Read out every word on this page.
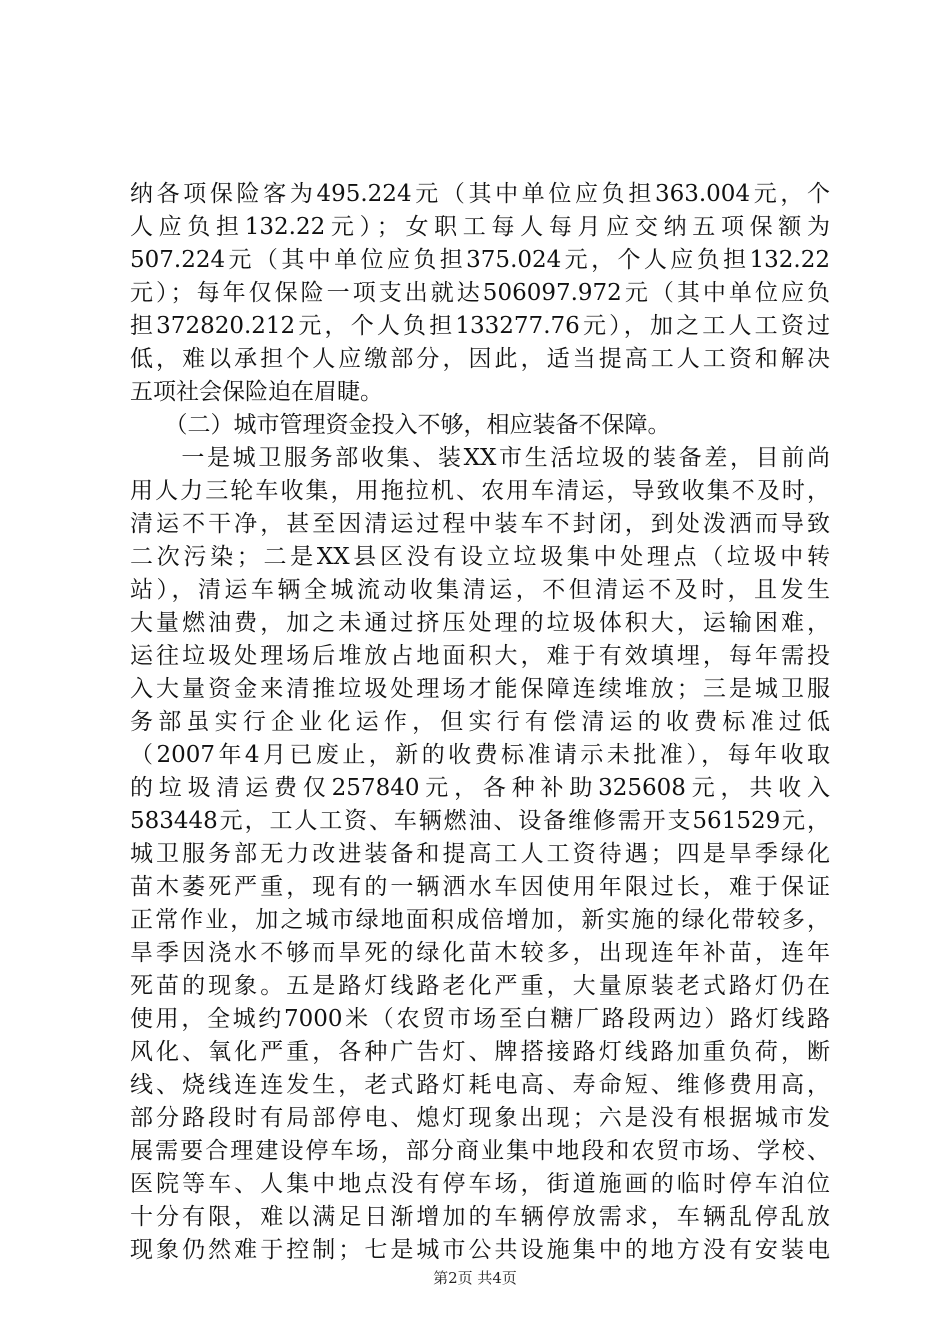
纳各项保险客为495.224元（其中单位应负担363.004元，个
人应负担132.22元）；女职工每人每月应交纳五项保额为
507.224元（其中单位应负担375.024元，个人应负担132.22
元）；每年仅保险一项支出就达506097.972元（其中单位应负
担372820.212元，个人负担133277.76元），加之工人工资过
低，难以承担个人应缴部分，因此，适当提高工人工资和解决
五项社会保险迫在眉睫。
　　（二）城市管理资金投入不够，相应装备不保障。
　　一是城卫服务部收集、装XX市生活垃圾的装备差，目前尚
用人力三轮车收集，用拖拉机、农用车清运，导致收集不及时，
清运不干净，甚至因清运过程中装车不封闭，到处泼洒而导致
二次污染；二是XX县区没有设立垃圾集中处理点（垃圾中转
站），清运车辆全城流动收集清运，不但清运不及时，且发生
大量燃油费，加之未通过挤压处理的垃圾体积大，运输困难，
运往垃圾处理场后堆放占地面积大，难于有效填埋，每年需投
入大量资金来清推垃圾处理场才能保障连续堆放；三是城卫服
务部虽实行企业化运作，但实行有偿清运的收费标准过低
（2007年4月已废止，新的收费标准请示未批准），每年收取
的垃圾清运费仅257840元，各种补助325608元，共收入
583448元，工人工资、车辆燃油、设备维修需开支561529元，
城卫服务部无力改进装备和提高工人工资待遇；四是旱季绿化
苗木萎死严重，现有的一辆洒水车因使用年限过长，难于保证
正常作业，加之城市绿地面积成倍增加，新实施的绿化带较多，
旱季因浇水不够而旱死的绿化苗木较多，出现连年补苗，连年
死苗的现象。五是路灯线路老化严重，大量原装老式路灯仍在
使用，全城约7000米（农贸市场至白糖厂路段两边）路灯线路
风化、氧化严重，各种广告灯、牌搭接路灯线路加重负荷，断
线、烧线连连发生，老式路灯耗电高、寿命短、维修费用高，
部分路段时有局部停电、熄灯现象出现；六是没有根据城市发
展需要合理建设停车场，部分商业集中地段和农贸市场、学校、
医院等车、人集中地点没有停车场，街道施画的临时停车泊位
十分有限，难以满足日渐增加的车辆停放需求，车辆乱停乱放
现象仍然难于控制；七是城市公共设施集中的地方没有安装电
第2页 共4页
